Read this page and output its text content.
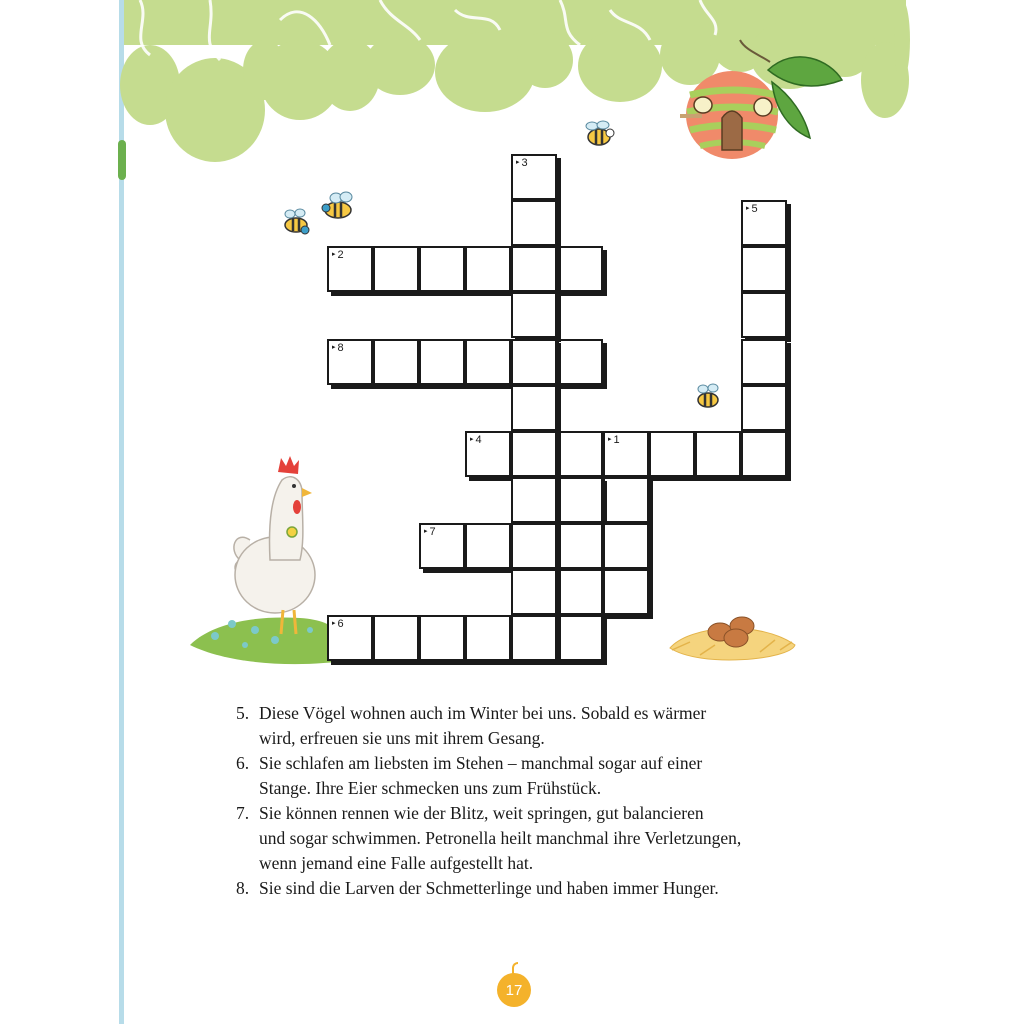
▸ 2
▸ 8
▸ 4
▸	1
▸ 7
▸ 6
▸ 5
▸ 3
5. Diese Vögel wohnen auch im Winter bei uns. Sobald es wärmer
wird, erfreuen sie uns mit ihrem Gesang.
6. Sie schlafen am liebsten im Stehen – manchmal sogar auf einer
Stange. Ihre Eier schmecken uns zum Frühstück.
7. Sie können rennen wie der Blitz, weit springen, gut balancieren
und sogar schwimmen. Petronella heilt manchmal ihre Verletzungen,
wenn jemand eine Falle aufgestellt hat.
8. Sie sind die Larven der Schmetterlinge und haben immer Hunger.
17
